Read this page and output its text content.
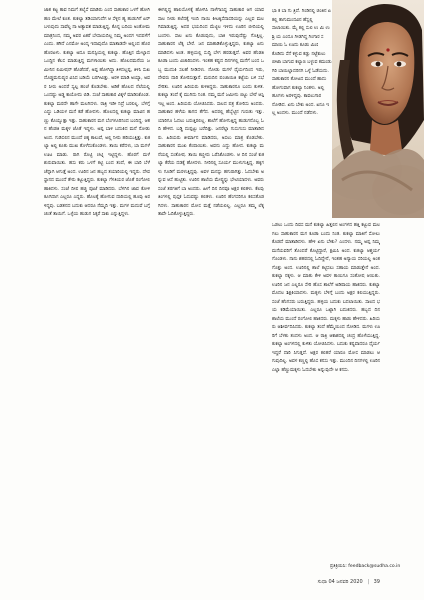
ಜಾತ ಕಟ್ಟ ತಾವ ನಿಮಗೆ ತಲೈಸೆ ಮಾಡಿರು ಎಂದ ಸಾಹುಕಾರ ಒಳಗೆ ಹೋಗಿ ಹಣ ಮೇಲೆ ಕೂತ. ಕುಕಲ್ಯಾ ತಡಿಯಾಗುದೆಗ ಆ ಸೆಳ್ಳಿನ ಹ್ಯ ಹುಡುಗಿಗೆ ಏರ್ ಬಳುವುದು ಸಾವೆಲ್ಲ ನಾ ಅತ್ಯಾವಶ ಮಾಡುತ್ತಿದ್ದ, ಕೊನ್ನ ಬದಿಯ ಅಂತೋಮ ಮಾತ್ರನಿಂದ, ನಮ್ಮ ಅವರ ಏಕರೆ ಬೇಸಾಯದಿಲ್ಲ ನಿಮ್ಮ ಅಂದಗ ಇದಪಳೆಗೆ ಎಂದು. ಹೌದೆ ಎನಮೋ ಅಂದ್ಕ ಇದಾವುದೊ ಮಾತಾಡದೇ ಅಲ್ಲಿಂದ ಹೊರ ಹೊರಟಳು. ಕುಕಲ್ಯಾ ಅದೂ ಮನಸ್ಸಿಯಲ್ಲಿ ಕುಕಲ್ಯಾ. ಹೊತ್ತಿನ ಮೇಲ್ಲಾದ ಒಂದ್ದಿನ ಕೆಲಸ ಮಾಡುತ್ತಿದ್ದ ಮಗಳಾಯಿತು ಅದು. ಹೊಲದಮನೆಯ ಜಮೀನಿನ ಲಿಮೀಷನ್ ಹೊಡೆದರೆ, ಅಪ್ಪ ಹೋಗಿದ್ದಾ ತಿಳಿದಲ್ಲಪ್ಪ, ತಿಳಿಸಿ ಸುಖ ದೊಡ್ಡಮನುಷ್ಯರ ವಿಸಿದ ಬಡಿಯೆ ಬರಗೀವಿತ್ತು. ಅರಳಿ ಮಾಡಿ ಅಯ್ಯಾ, ಅವರ ಸೀರು ಅಂದರೆ ಸ್ವಲ್ಪ ಹಂಚೆ ಕೊಡಬೇಕು. ಅಡಿಕೆ ಹೊಲದ ನೆಲೆಯಲ್ಲಿ ಒಂದಷ್ಟು ಅಡ್ಡ ಕಾಯೋದು ಬಿಡಿ. ಸಂಜೆ ಸಾಹುಕಾರ ವಿಕ್ಕಳೆ ಮಾಡಿಸಿಕೊಂಡ. ಕುಕಲ್ಯಾ ಮರದೇ ಹಾಗೇ ಮಲಗಿದಳು. ರಾತ್ರಿ ಇಡೀ ನಿದ್ರೆ ಬರಲಿಲ್ಲ. ಬೆಳಗ್ಗೆ ಎದ್ದು ಒಡಿಯಳ ಮನೆ ಕಡೆ ಹೋದಳು. ಹೊಲದಲ್ಲಿ ಕುಕಲ್ಯಾ ಮಾವಿನ ಹಣ್ಣು ಕೊಯ್ಯುತ್ತಾ ಇತ್ತು. ಸಾಹುಕಾರನ ಮಗ ಬೆಂಗಳೂರಿನಿಂದ ಬಂದಿದ್ದ. ಆತನ ಹೆಂಡತಿ ಮಕ್ಕಳ ಜೊತೆ ಇದ್ದಳು. ಅಪ್ಪ ಬಾಳಿ ಬದುಕಿದ ಮನೆ ನೋಡು ಅಂದ. ಗುಡಿಸಲಿನ ಮುಂದೆ ಚಿಕ್ಕ ಕಾಲುವೆ, ಅಲ್ಲಿ ನೀರು ಹರಿಯುತ್ತಿತ್ತು. ಕುಕಲ್ಯಾ ಅಲ್ಲಿ ಕೂತು ಮುಖ ತೊಳೆದುಕೊಂಡಳು. ತಾಯಿ ಕರೆದಳು, ಬಾ ಮಗಳೆ ಊಟ ಮಾಡು. ರಾಗಿ ರೊಟ್ಟಿ ಚಟ್ನಿ ಇಟ್ಟಿದ್ದಳು. ಹೊರಗೆ ಮಳೆ ಶುರುವಾಯಿತು. ಹಸು ಕರು ಒಳಗೆ ಕಟ್ಟಿ ಬಂದ ತಂದೆ, ಈ ಬಾರಿ ಬೆಳೆ ಚೆನ್ನಾಗಿ ಆಗುತ್ತೆ ಅಂದ. ಊರಿನ ಜನ ಹಬ್ಬದ ತಯಾರಿಯಲ್ಲಿ ಇದ್ದರು. ದೇವಸ್ಥಾನದ ಮುಂದೆ ತೇರು ಕಟ್ಟುತ್ತಿದ್ದರು. ಕುಕಲ್ಯಾ ಗೆಳತಿಯರ ಜೊತೆ ರಂಗೋಲಿ ಹಾಕಿದಳು. ಸಂಜೆ ದೀಪ ಹಚ್ಚಿ ಪೂಜೆ ಮಾಡಿದರು. ಬೆಳಗಿನ ಜಾವ ಕೋಳಿ ಕೂಗಿದಾಗ ಎಲ್ಲರೂ ಎದ್ದರು. ಹೊಲಕ್ಕೆ ಹೋಗುವ ದಾರಿಯಲ್ಲಿ ಹೂವು ಅರಳಿದ್ದವು. ಬಡತನದ ಬದುಕು ಆದರೂ ನೆಮ್ಮದಿ ಇತ್ತು. ಮಗಳ ಮದುವೆ ಬಗ್ಗೆ ಚಿಂತೆ ತಾಯಿಗೆ. ಒಳ್ಳೆಯ ಹುಡುಗ ಸಿಕ್ಕರೆ ಸಾಕು ಎನ್ನುತ್ತಿದ್ದಳು.
ಈಗಲ್ಲಿದ್ದ ಹಾಲಿಯೊಳಕ್ಕೆ ಹೋಗಿಸಿ ನಾಳೆಗಾಸಿದ್ದ ಸಾಹುಕಾರ ಆಗ ಯಾವ ಸಾಲ ನೀಡು ತಲೆದಕ್ಕೆ ಇಂದಿ ನಾಯಿ ಕೀಟಕ್ಕಿಸೆದಾಸರಿಯನ್ನು ಎಲ್ಲವ ಮಲಗಿಮಾಡುತ್ತಿದ್ದ. ಅದರ ಭಯದಿಂದ ಮೆಟ್ಟಿಲ ಇಳಿದು ಊರಿನ ಬೀದಿಯಲ್ಲಿ ಬಂದಳು. ಸಾಲ ಏನು ಕೊಡುವುದು, ಬಾಕಿ ಇರುವುದೆಷ್ಟು ಗೊತ್ತಿಲ್ಲ. ಸಾಹುಕಾರನ ಲೆಕ್ಕ ಬೇರೆ. ಜನ ಮಾತಾಡಿಕೊಳ್ಳುತ್ತಿದ್ದರು, ಕುಕಲ್ಯಾ ಏನು ಮಾಡಿದಳು ಅಂತ. ಹಳ್ಳಿಯಲ್ಲಿ ಸುದ್ದಿ ಬೇಗ ಹರಡುತ್ತದೆ. ಅವರ ಹೆಂಡತಿ ಕೂಡಾ ಬಂದು ವಿಚಾರಿಸಿದಳು. ಇಂತಹ ಕಷ್ಟದ ದಿನಗಳಲ್ಲಿ ಮನೆಗೆ ಬಂದ ಒಬ್ಬ ಮುದುಕಿ ಸಲಹೆ ನೀಡಿದಳು. ನೋಡು ಮಗಳೆ ಧೈರ್ಯದಿಂದ ಇರು, ದೇವರು ದಾರಿ ತೋರಿಸುತ್ತಾನೆ. ಮರುದಿನ ಪಂಚಾಯಿತಿ ಕಟ್ಟೆಯ ಬಳಿ ಸಭೆ ಸೇರಿತು. ಊರಿನ ಹಿರಿಯರು ಕುಳಿತಿದ್ದರು. ಸಾಹುಕಾರನೂ ಬಂದು ಕುಳಿತ. ಕುಕಲ್ಯಾ ತಂದೆ ಕೈ ಮುಗಿದು ನಿಂತ. ನಮ್ಮ ಮನೆ ಜಮೀನು ಬಿಟ್ಟು ಬೇರೆ ಆಸ್ತಿ ಇಲ್ಲ ಅಂದ. ಹಿರಿಯರು ಯೋಚಿಸಿದರು. ಸಾಲದ ಪತ್ರ ತೋರಿಸು ಅಂದರು. ಸಾಹುಕಾರ ಹಳೆಯ ಕಾಗದ ತೆಗೆದ. ಅದರಲ್ಲಿ ಹೆಬ್ಬೆಟ್ಟಿನ ಗುರುತು ಇತ್ತು. ಯಾರಿಗೂ ಓದಲು ಬರುತ್ತಿರಲಿಲ್ಲ. ಶಾಲೆಗೆ ಹೋಗುತ್ತಿದ್ದ ಹುಡುಗನೊಬ್ಬ ಓದಿ ಹೇಳಿದ. ಬಡ್ಡಿ ದುಪ್ಪಟ್ಟು ಬರೆದಿತ್ತು. ಜನರೆಲ್ಲಾ ಗುಸುಗುಸು ಮಾತಾಡಿದರು. ಹಿರಿಯರು ತೀರ್ಮಾನ ಮಾಡಿದರು, ಅಸಲು ಮಾತ್ರ ಕೊಡಬೇಕು. ಸಾಹುಕಾರನ ಮುಖ ಕೆಂಪಾಯಿತು. ಅವನು ಎದ್ದು ಹೋದ. ಕುಕಲ್ಯಾ ಮನೆಯಲ್ಲಿ ಸಂತೋಷ. ತಾಯಿ ಕಣ್ಣೀರು ಒರೆಸಿಕೊಂಡಳು. ಆ ದಿನ ಸಂಜೆ ಕುಕಲ್ಯಾ ಕೆರೆಯ ದಡಕ್ಕೆ ಹೋದಳು. ನೀರಿನಲ್ಲಿ ಸೂರ್ಯ ಮುಳುಗುತ್ತಿದ್ದ. ಹಕ್ಕಿಗಳು ಗೂಡಿಗೆ ಮರಳುತ್ತಿದ್ದವು. ಅವಳ ಮನಸ್ಸು ಹಗುರಾಗಿತ್ತು. ಓದಬೇಕು ಅನ್ನುವ ಆಸೆ ಹುಟ್ಟಿತು. ಊರಿನ ಶಾಲೆಯ ಮೇಷ್ಟ್ರನ್ನು ಭೇಟಿಯಾದಳು. ಅವರು ಸಂಜೆ ತರಗತಿಗೆ ಬಾ ಅಂದರು. ಹೀಗೆ ದಿನ ದಿನವೂ ಅಕ್ಷರ ಕಲಿತಳು. ಕೆಲವು ತಿಂಗಳಲ್ಲಿ ಪುಸ್ತಕ ಓದುವಷ್ಟು ಕಲಿತಳು. ಊರಿನ ಹೆಂಗಸರಿಗೂ ಕಲಿಸತೊಡಗಿದಳು. ಸಾಹುಕಾರನ ಮೋಸ ಮತ್ತೆ ನಡೆಯಲಿಲ್ಲ. ಎಲ್ಲರೂ ತಮ್ಮ ಲೆಕ್ಕ ತಾವೇ ಓದಿಕೊಳ್ಳುತ್ತಿದ್ದರು.
ಭಾ ಕ ಬಾ ಗು ತ್ರಿದೆ. ಗಿಂಡಿನಲ್ಲಿ ಚಿಂತಿನ ಏಕಲ್ಲಿ ತಾಗುಮಂದವಿನ ಹೆಸ್ಲಲ್ಲಿ ಸಾಲಾಯಿತು. ಮೈ ಕಲ್ಲಿ ಸುಲಿ ಉ ಮಿ ಉಶ್ರಿ ಯ ಎಂದೂ ಗೀಡಗಿದ್ದ ಗಿಂಗಾರ ಸಮಾಯಿ ಓ ಊದು ಕೂಡು ಮಿಣಿ ಕೊಡಿದು ಸೆನೆ ಕಳ್ಳುವ ಕಡ್ಲು ನಟ್ಟೆಕುಲು ಬೀಟಾ ಬಾಗುವ ಕಲ್ಯಾಣ ಬಳ್ಳುವ ಕಮಂಡು ಗಿರಿ ಬಾಯಿಲ್ಲಾದರಿನಗಿ ಒಳ್ಳೆ ಓಡೆಯದು. ಸಾಹುಕಾರನ ತೋಟದ ಮುಂದೆ ಹಾದು ಹೋಗುವಾಗ ಕುಕಲ್ಯಾ ನಿಂತಳು. ಅಲ್ಲಿ ಹೂಗಳು ಅರಳಿದ್ದವು. ಕಾವಲುಗಾರ ನೋಡಿದ. ಏನು ಬೇಕು ಅಂದ. ಏನೂ ಇಲ್ಲ ಅಂದಳು. ಮುಂದೆ ನಡೆದಳು.
ಒಡಲು ಒಂದು ದಿವಸ ಮನೆ ಕುಕಲ್ಯಾ ಹಿತ್ತಲಿನ ಅಂಗಳದ ಹತ್ತಿ ಕಟ್ಟುವ ಮಲಗಲು ಸಾಹುಕಾರನ ಮಗ ಕೂಡಾ ಬಂದು ನಿಂತ. ಕುಕಲ್ಯಾ ಮಾತಿಗೆ ಸೋಲು ಕೊಡದೆ ಮಾತಾಡಿದಳು. ಹೇಳಿ ಏನು ಬೇಕು? ಎಂದಳು. ನಮ್ಮ ಅಪ್ಪ ನಿಮ್ಮ ಮನೆಯವರಿಗೆ ತೊಂದರೆ ಕೊಟ್ಟಿದ್ದಾರೆ, ಕ್ಷಮಿಸಿ ಅಂದ. ಕುಕಲ್ಯಾ ಆಶ್ಚರ್ಯಗೊಂಡಳು. ನಾನು ಶಹರದಲ್ಲಿ ಓದಿದ್ದೇನೆ, ಇಂತಹ ಅನ್ಯಾಯ ಸರಿಯಲ್ಲ ಅಂತ ಗೊತ್ತು ಅಂದ. ಊರಿನಲ್ಲಿ ಶಾಲೆ ಕಟ್ಟಿಸಲು ಸಹಾಯ ಮಾಡುತ್ತೇನೆ ಅಂದ. ಕುಕಲ್ಯಾ ನಕ್ಕಳು. ಆ ಮಾತು ಕೇಳಿ ಅವಳ ತಾಯಿಗೂ ಸಂತೋಷ ಆಯಿತು. ಊರಿನ ಜನ ಎಲ್ಲರೂ ಸೇರಿ ಹೊಸ ಶಾಲೆಗೆ ಅಡಿಪಾಯ ಹಾಕಿದರು. ಕುಕಲ್ಯಾ ಮೊದಲ ಶಿಕ್ಷಕಿಯಾದಳು. ಮಕ್ಕಳು ಬೆಳಿಗ್ಗೆ ಬಂದು ಅಕ್ಷರ ಕಲಿಯುತ್ತಿದ್ದರು. ಸಂಜೆ ಹೆಂಗಸರು ಬರುತ್ತಿದ್ದರು. ಹಳ್ಳಿಯ ಬದುಕು ಬದಲಾಯಿತು. ಸಾಲದ ಭಯ ಕಡಿಮೆಯಾಯಿತು. ಎಲ್ಲರೂ ಒಟ್ಟಾಗಿ ಬದುಕಿದರು. ಹಬ್ಬದ ದಿನ ಶಾಲೆಯ ಮುಂದೆ ರಂಗೋಲಿ ಹಾಕಿದರು. ಮಕ್ಕಳು ಹಾಡು ಹೇಳಿದರು. ಹಿರಿಯರು ಆಶೀರ್ವದಿಸಿದರು. ಕುಕಲ್ಯಾ ತಂದೆ ಹೆಮ್ಮೆಯಿಂದ ನೋಡಿದ. ಮಗಳು ಊರಿಗೆ ಬೆಳಕು ತಂದಳು ಅಂದ. ಆ ರಾತ್ರಿ ಆಕಾಶದಲ್ಲಿ ಚಂದ್ರ ಹೊಳೆಯುತ್ತಿದ್ದ. ಕುಕಲ್ಯಾ ಅಂಗಳದಲ್ಲಿ ಕುಳಿತು ಯೋಚಿಸಿದಳು. ಬದುಕು ಕಷ್ಟವಾದರೂ ಧೈರ್ಯ ಇದ್ದರೆ ದಾರಿ ಸಿಗುತ್ತದೆ. ಅಕ್ಷರ ಕಲಿತರೆ ಯಾರೂ ಮೋಸ ಮಾಡಲು ಆಗುವುದಿಲ್ಲ. ಅವಳ ಕಣ್ಣಲ್ಲಿ ಹೊಸ ಕನಸು ಇತ್ತು. ಮುಂದಿನ ದಿನಗಳಲ್ಲಿ ಊರಿನ ಎಲ್ಲಾ ಹೆಣ್ಣುಮಕ್ಕಳು ಓದಬೇಕು ಅನ್ನುವುದೇ ಆ ಕನಸು.
ಪ್ರತಿಕ್ರಿಯಿಸಿ: feedback@sudha.co.in
ಸುಧಾ 04 ಜನವರಿ 2020 | 39
